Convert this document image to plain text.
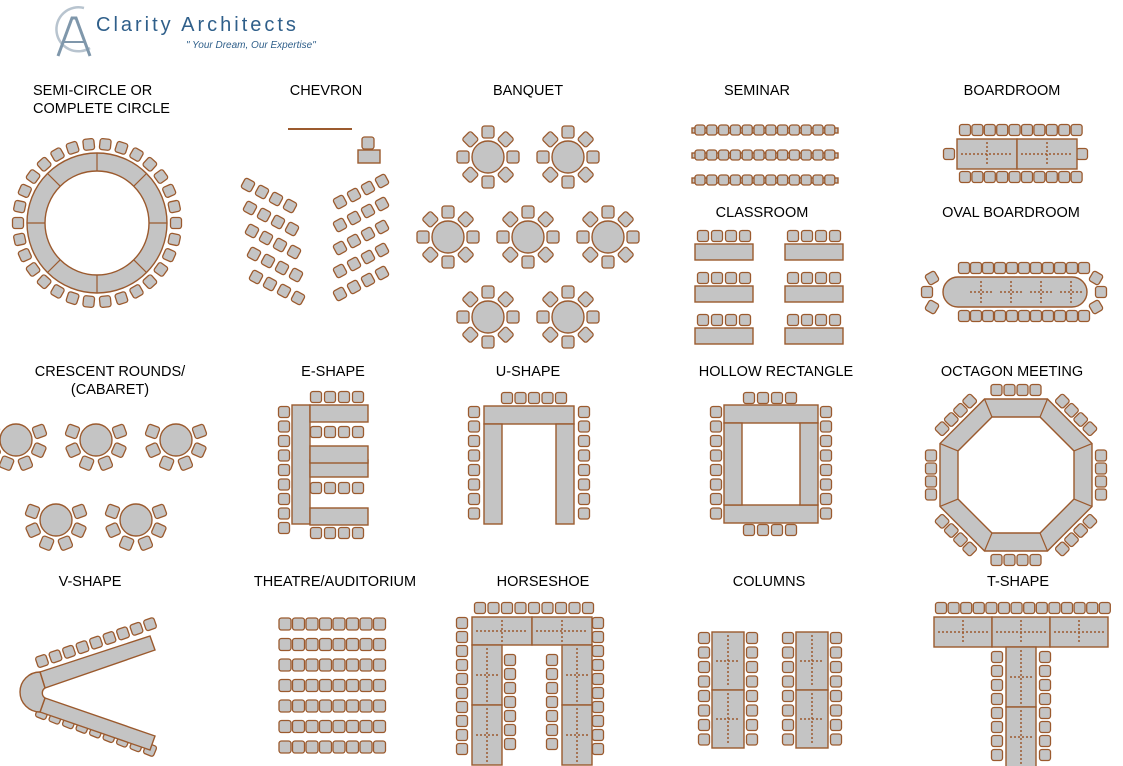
Clarity Architects
" Your Dream, Our Expertise"
SEMI-CIRCLE OR
COMPLETE CIRCLE
CHEVRON	BANQUET	SEMINAR	BOARDROOM
CLASSROOM	OVAL BOARDROOM
CRESCENT ROUNDS/
(CABARET)
E-SHAPE	U-SHAPE	HOLLOW RECTANGLE	OCTAGON MEETING
V-SHAPE	THEATRE/AUDITORIUM	HORSESHOE	COLUMNS	T-SHAPE
